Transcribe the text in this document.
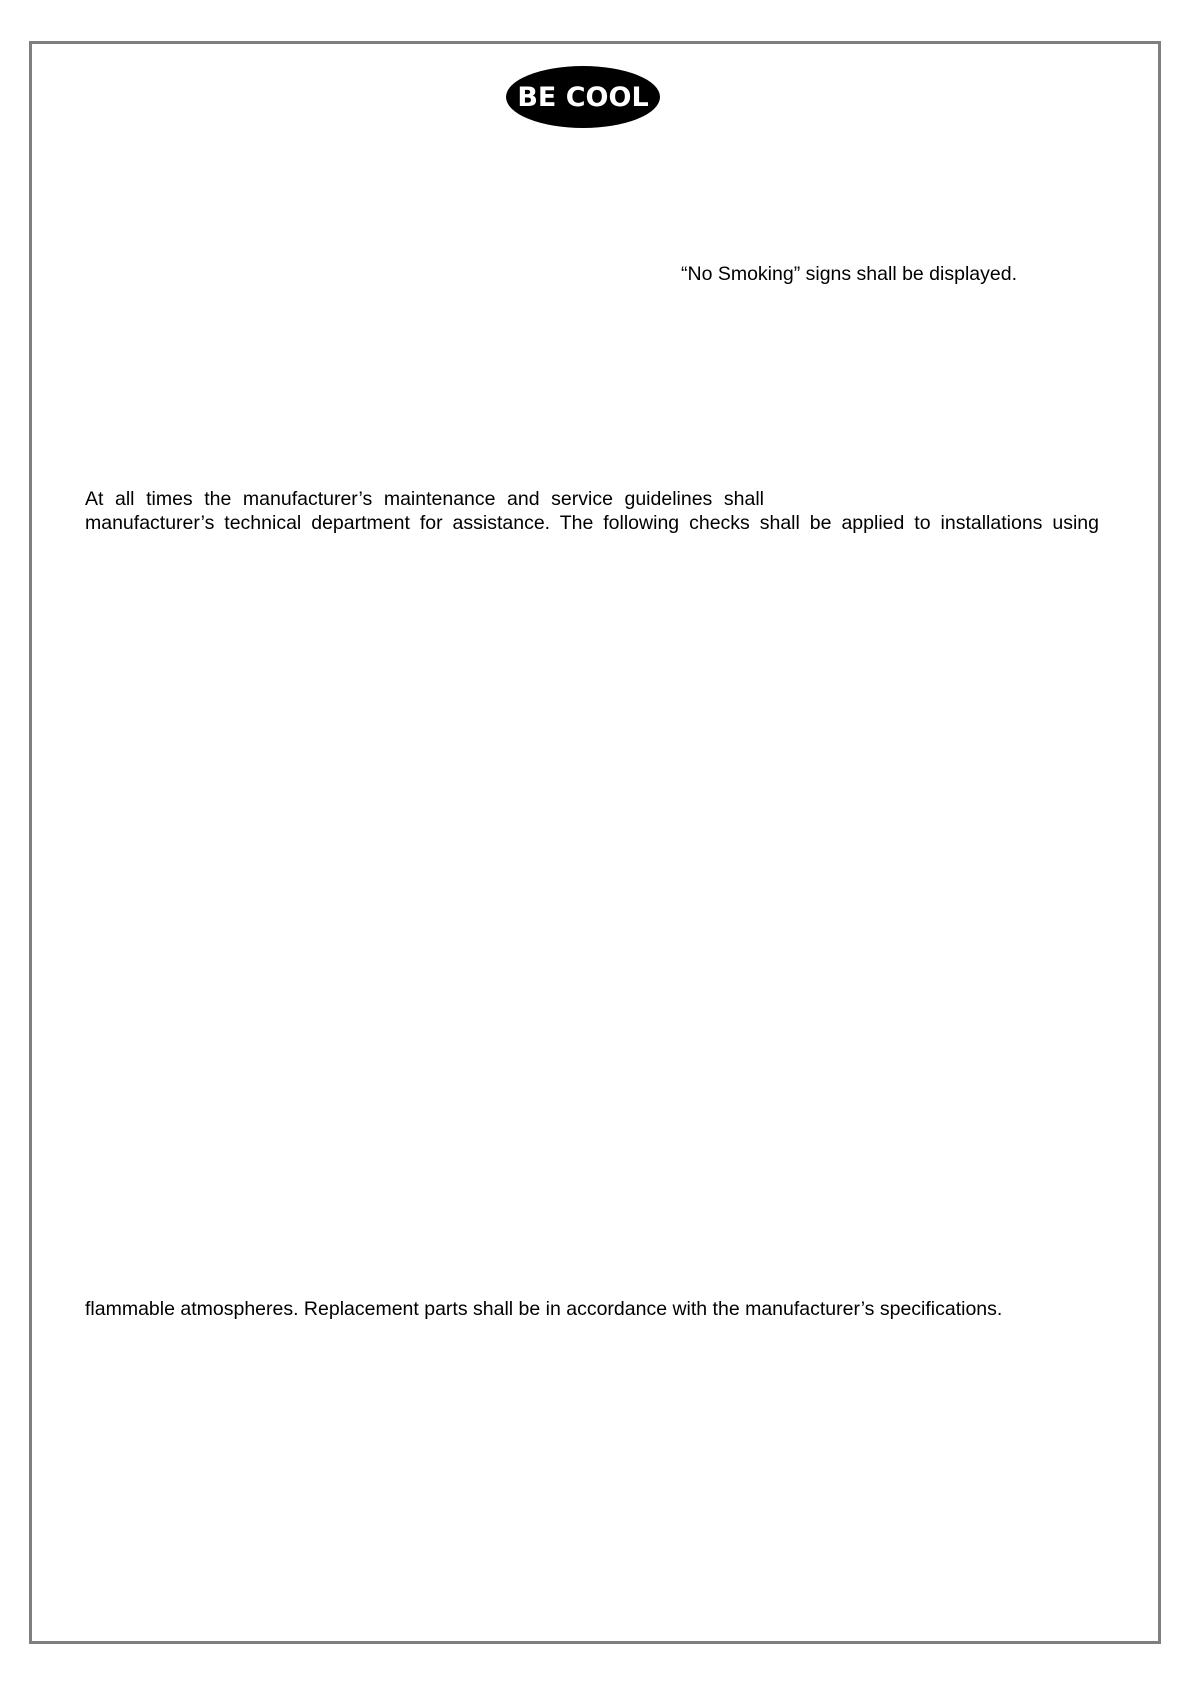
BE COOL
“No Smoking” signs shall be displayed.
At all times the manufacturer’s maintenance and service guidelines shall
manufacturer’s technical department for assistance. The following checks shall be applied to installations using
flammable atmospheres. Replacement parts shall be in accordance with the manufacturer’s specifications.
